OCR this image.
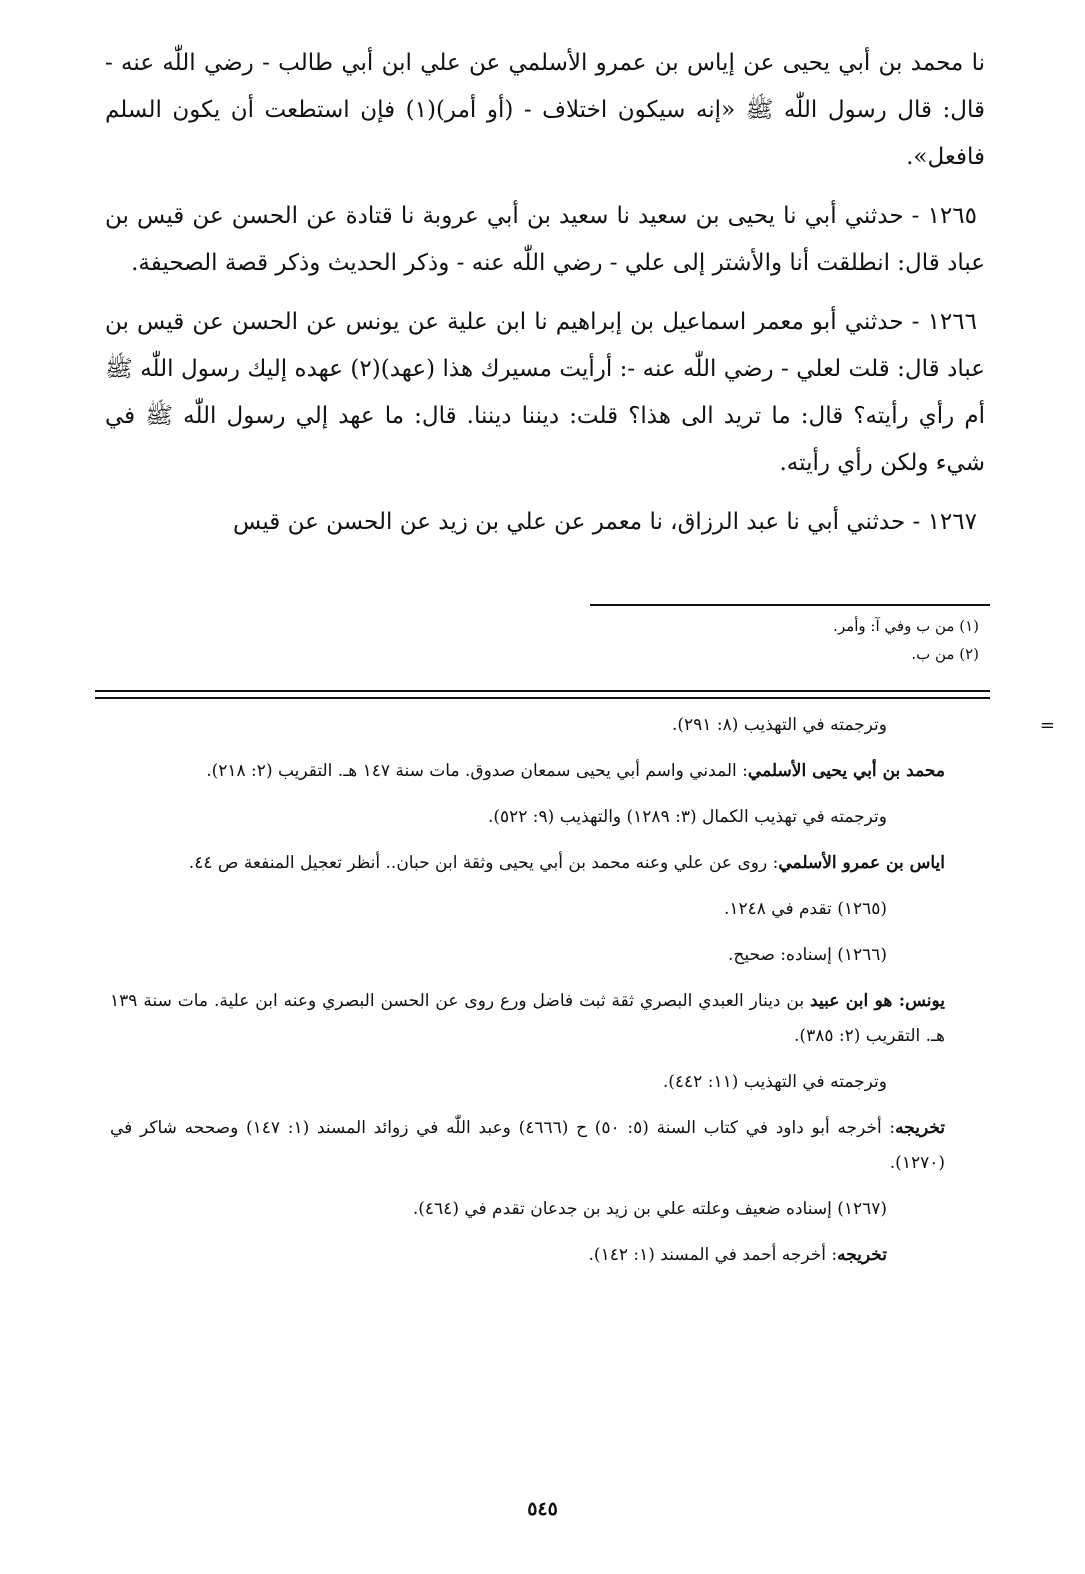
نا محمد بن أبي يحيى عن إياس بن عمرو الأسلمي عن علي ابن أبي طالب - رضي اللّٰه عنه - قال: قال رسول اللّٰه ﷺ «إنه سيكون اختلاف - (أو أمر)(١) فإن استطعت أن يكون السلم فافعل».

١٢٦٥ - حدثني أبي نا يحيى بن سعيد نا سعيد بن أبي عروبة نا قتادة عن الحسن عن قيس بن عباد قال: انطلقت أنا والأشتر إلى علي - رضي اللّٰه عنه - وذكر الحديث وذكر قصة الصحيفة.

١٢٦٦ - حدثني أبو معمر اسماعيل بن إبراهيم نا ابن علية عن يونس عن الحسن عن قيس بن عباد قال: قلت لعلي - رضي اللّٰه عنه -: أرأيت مسيرك هذا (عهد)(٢) عهده إليك رسول اللّٰه ﷺ أم رأي رأيته؟ قال: ما تريد الى هذا؟ قلت: ديننا ديننا. قال: ما عهد إلي رسول اللّٰه ﷺ في شيء ولكن رأي رأيته.

١٢٦٧ - حدثني أبي نا عبد الرزاق، نا معمر عن علي بن زيد عن الحسن عن قيس

(١) من ب وفي آ: وأمر.
(٢) من ب.
=

وترجمته في التهذيب (٨: ٢٩١).

محمد بن أبي يحيى الأسلمي: المدني واسم أبي يحيى سمعان صدوق. مات سنة ١٤٧ هـ. التقريب (٢: ٢١٨).

وترجمته في تهذيب الكمال (٣: ١٢٨٩) والتهذيب (٩: ٥٢٢).

اياس بن عمرو الأسلمي: روى عن علي وعنه محمد بن أبي يحيى وثقة ابن حبان.. أنظر تعجيل المنفعة ص ٤٤.

(١٢٦٥) تقدم في ١٢٤٨.

(١٢٦٦) إسناده: صحيح.

يونس: هو ابن عبيد بن دينار العبدي البصري ثقة ثبت فاضل ورع روى عن الحسن البصري وعنه ابن علية. مات سنة ١٣٩ هـ. التقريب (٢: ٣٨٥).

وترجمته في التهذيب (١١: ٤٤٢).

تخريجه: أخرجه أبو داود في كتاب السنة (٥: ٥٠) ح (٤٦٦٦) وعبد اللّٰه في زوائد المسند (١: ١٤٧) وصححه شاكر في (١٢٧٠).

(١٢٦٧) إسناده ضعيف وعلته علي بن زيد بن جدعان تقدم في (٤٦٤).

تخريجه: أخرجه أحمد في المسند (١: ١٤٢).

٥٤٥
